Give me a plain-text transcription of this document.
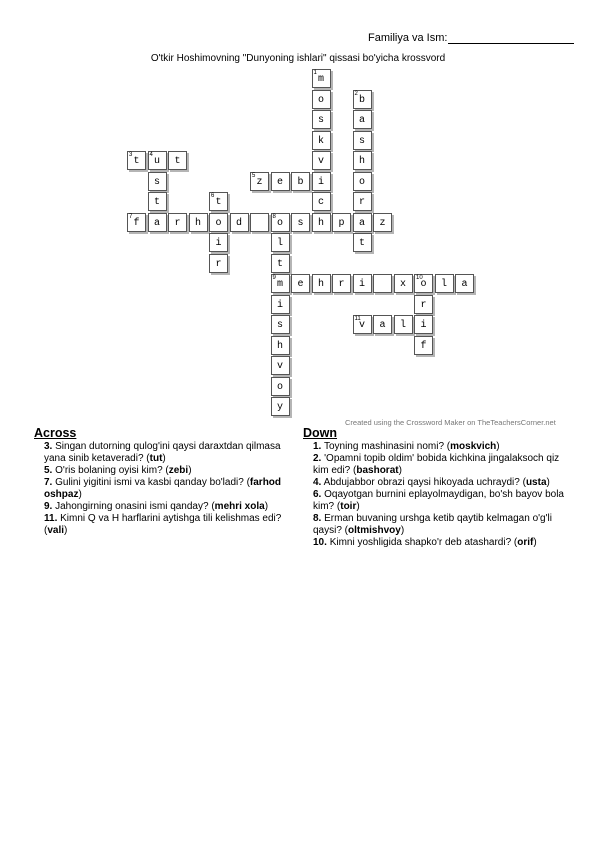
Familiya va Ism:
O'tkir Hoshimovning "Dunyoning ishlari" qissasi bo'yicha krossvord
1
m
o
2
b
s	a
k	s
3
t
4
u	t	v	h
s
5
z	e	b	i	o
t
6
t	c	r
7
f	a	r	h	o	d
8
o	s	h	p	a	z
i	l	t
r	t
9
m	e	h	r	i	x
10
o	l	a
i	r
s
11
v	a	l	i
h	f
v
o
y
Created using the Crossword Maker on TheTeachersCorner.net
Across
3. Singan dutorning qulog'ini qaysi daraxtdan qilmasa yana sinib ketaveradi? (tut)
5. O'ris bolaning oyisi kim? (zebi)
7. Gulini yigitini ismi va kasbi qanday bo'ladi? (farhod oshpaz)
9. Jahongirning onasini ismi qanday? (mehri xola)
11. Kimni Q va H harflarini aytishga tili kelishmas edi? (vali)
Down
1. Toyning mashinasini nomi? (moskvich)
2. 'Opamni topib oldim' bobida kichkina jingalaksoch qiz kim edi? (bashorat)
4. Abdujabbor obrazi qaysi hikoyada uchraydi? (usta)
6. Oqayotgan burnini eplayolmaydigan, bo'sh bayov bola kim? (toir)
8. Erman buvaning urshga ketib qaytib kelmagan o'g'li qaysi? (oltmishvoy)
10. Kimni yoshligida shapko'r deb atashardi? (orif)
